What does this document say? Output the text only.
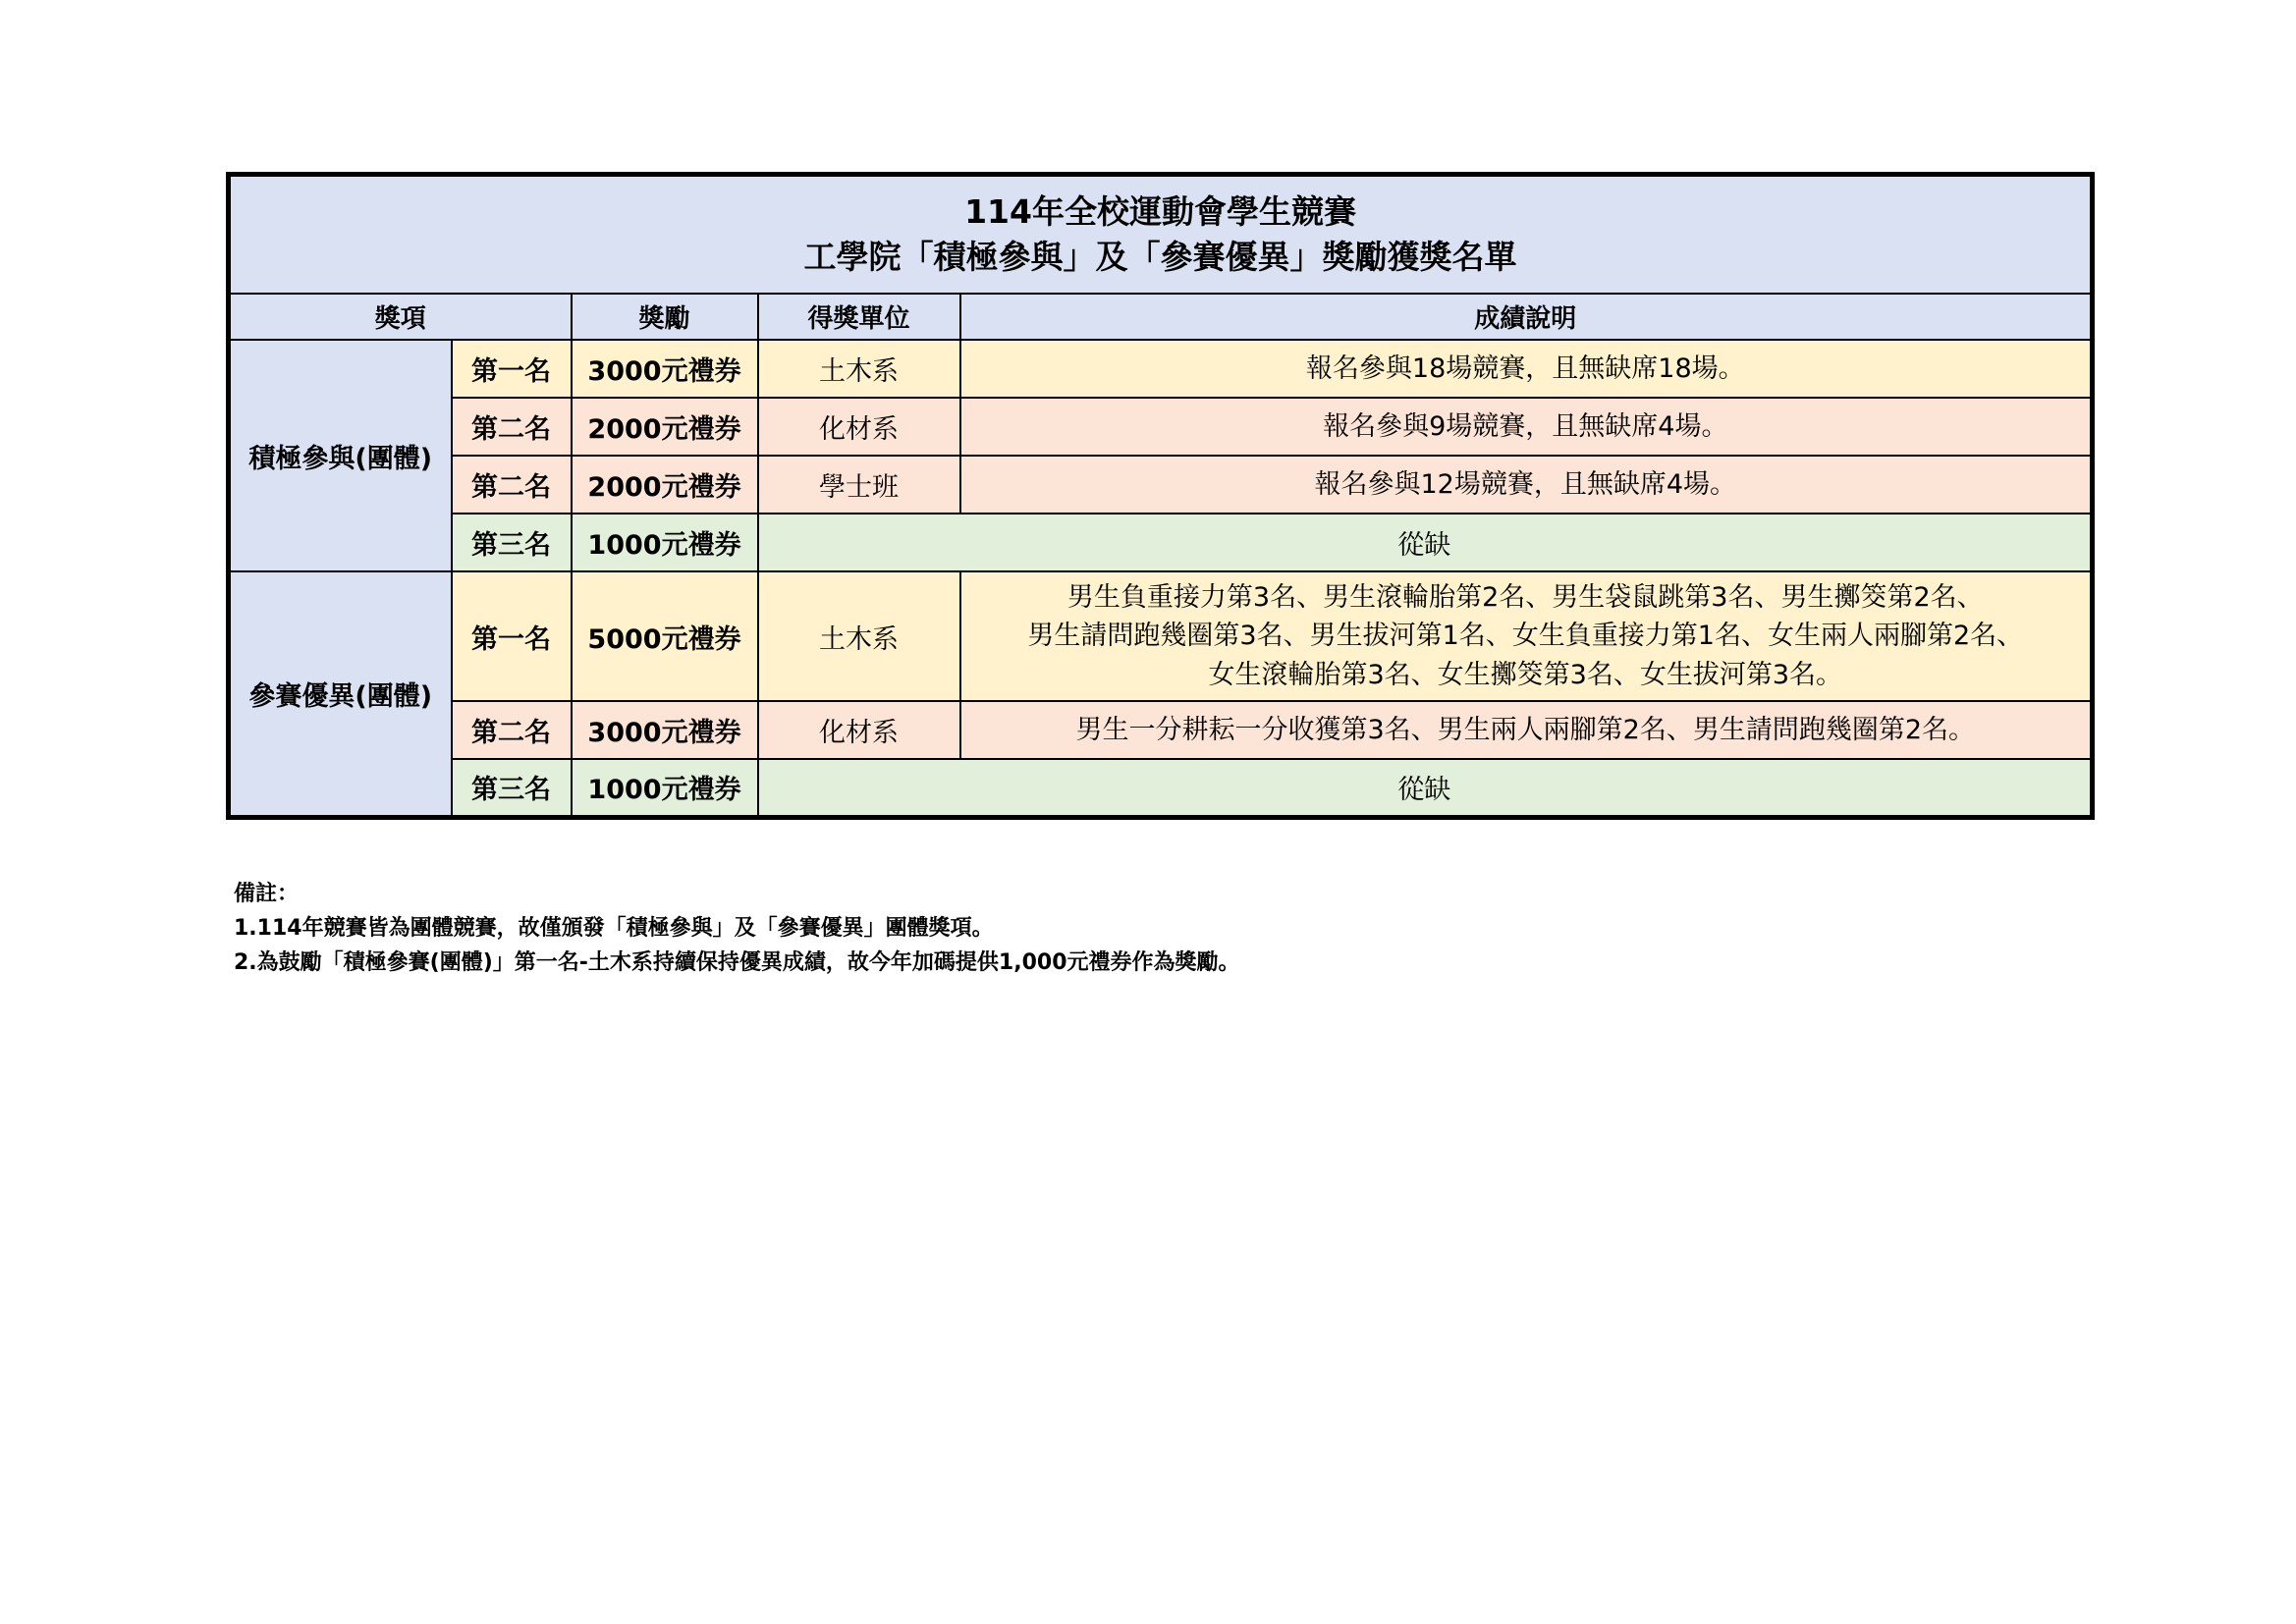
114年全校運動會學生競賽
工學院「積極參與」及「參賽優異」獎勵獲獎名單				

獎項		獎勵	得獎單位	成績說明
積極參與(團體)	第一名	3000元禮券	土木系	報名參與18場競賽，且無缺席18場。
	第二名	2000元禮券	化材系	報名參與9場競賽，且無缺席4場。
	第二名	2000元禮券	學士班	報名參與12場競賽，且無缺席4場。
	第三名	1000元禮券	從缺	
參賽優異(團體)	第一名	5000元禮券	土木系	男生負重接力第3名、男生滾輪胎第2名、男生袋鼠跳第3名、男生擲筊第2名、
男生請問跑幾圈第3名、男生拔河第1名、女生負重接力第1名、女生兩人兩腳第2名、
女生滾輪胎第3名、女生擲筊第3名、女生拔河第3名。

	第二名	3000元禮券	化材系	男生一分耕耘一分收獲第3名、男生兩人兩腳第2名、男生請問跑幾圈第2名。
	第三名	1000元禮券	從缺	
備註：
1.114年競賽皆為團體競賽，故僅頒發「積極參與」及「參賽優異」團體獎項。
2.為鼓勵「積極參賽(團體)」第一名-土木系持續保持優異成績，故今年加碼提供1,000元禮券作為獎勵。
